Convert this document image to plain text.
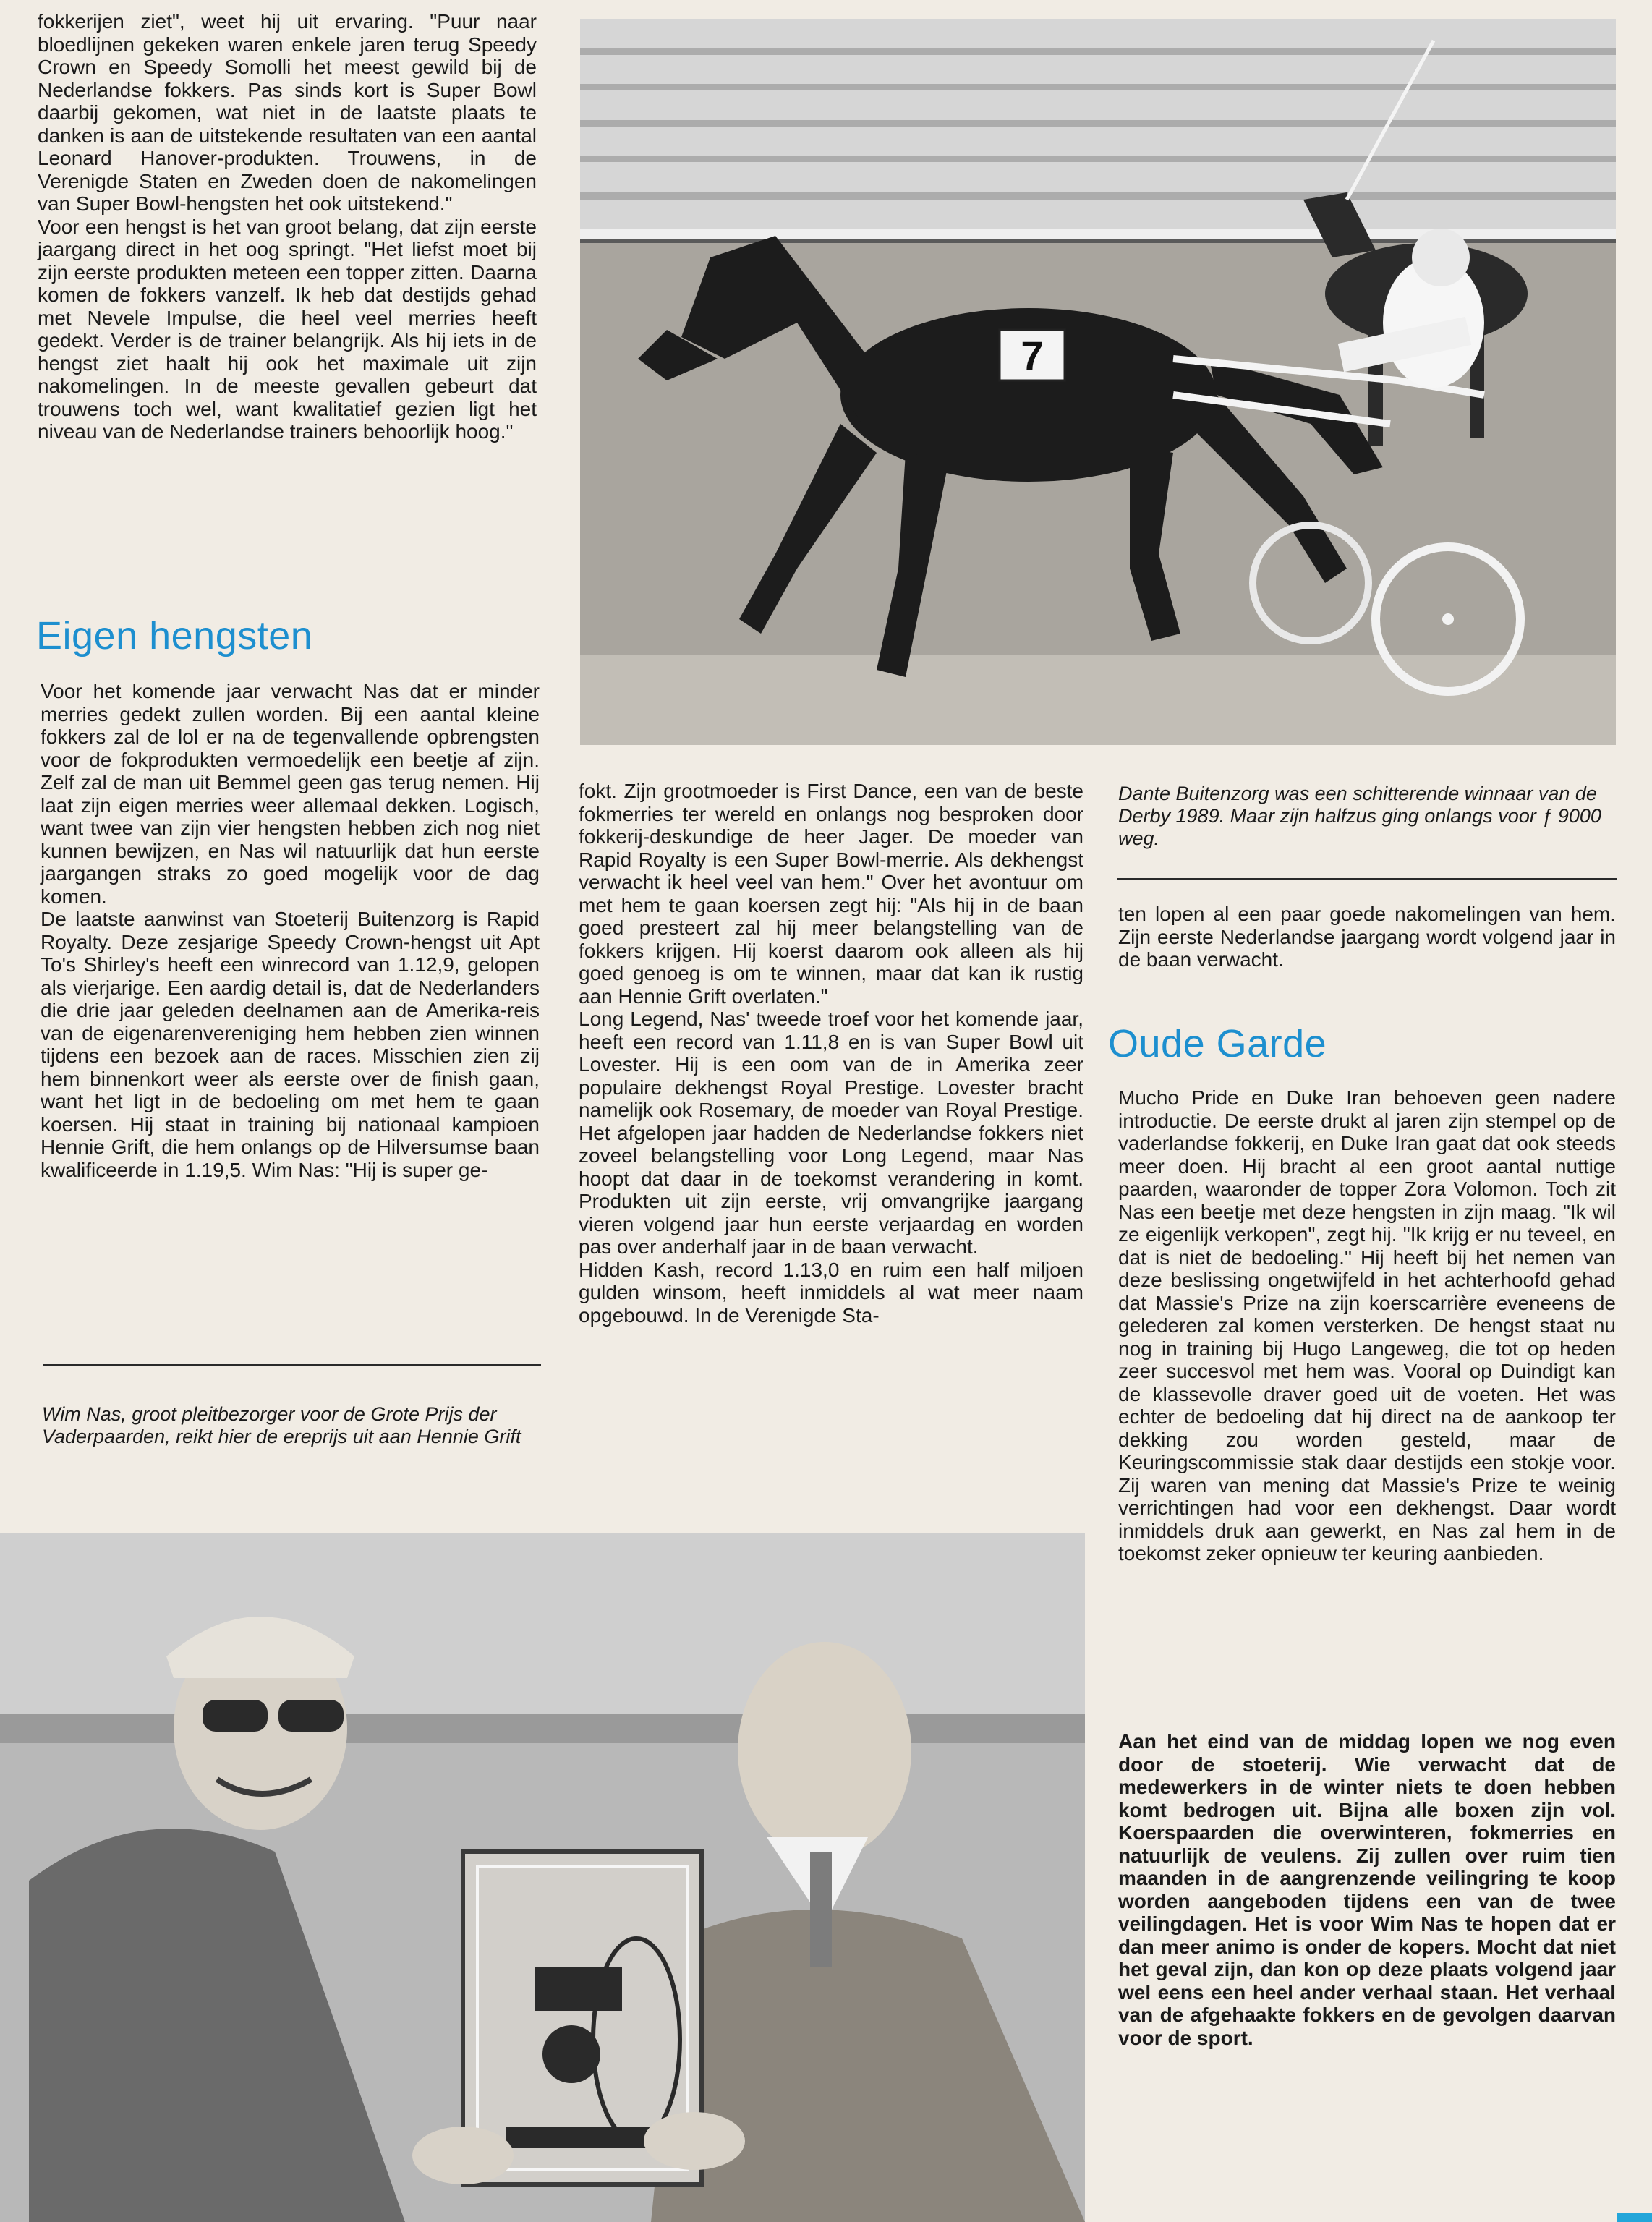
7

fokkerijen ziet", weet hij uit ervaring. "Puur naar bloedlijnen gekeken waren enkele jaren terug Speedy Crown en Speedy Somolli het meest gewild bij de Nederlandse fokkers. Pas sinds kort is Super Bowl daarbij gekomen, wat niet in de laatste plaats te danken is aan de uitstekende resultaten van een aantal Leonard Hanover-produkten. Trouwens, in de Verenigde Staten en Zweden doen de nakomelingen van Super Bowl-hengsten het ook uitstekend."

Voor een hengst is het van groot belang, dat zijn eerste jaargang direct in het oog springt. "Het liefst moet bij zijn eerste produkten meteen een topper zitten. Daarna komen de fokkers vanzelf. Ik heb dat destijds gehad met Nevele Impulse, die heel veel merries heeft gedekt. Verder is de trainer belangrijk. Als hij iets in de hengst ziet haalt hij ook het maximale uit zijn nakomelingen. In de meeste gevallen gebeurt dat trouwens toch wel, want kwalitatief gezien ligt het niveau van de Nederlandse trainers behoorlijk hoog."

Eigen hengsten

Voor het komende jaar verwacht Nas dat er minder merries gedekt zullen worden. Bij een aantal kleine fokkers zal de lol er na de tegenvallende opbrengsten voor de fokprodukten vermoedelijk een beetje af zijn. Zelf zal de man uit Bemmel geen gas terug nemen. Hij laat zijn eigen merries weer allemaal dekken. Logisch, want twee van zijn vier hengsten hebben zich nog niet kunnen bewijzen, en Nas wil natuurlijk dat hun eerste jaargangen straks zo goed mogelijk voor de dag komen.

De laatste aanwinst van Stoeterij Buitenzorg is Rapid Royalty. Deze zesjarige Speedy Crown-hengst uit Apt To's Shirley's heeft een winrecord van 1.12,9, gelopen als vierjarige. Een aardig detail is, dat de Nederlanders die drie jaar geleden deelnamen aan de Amerika-reis van de eigenarenvereniging hem hebben zien winnen tijdens een bezoek aan de races. Misschien zien zij hem binnenkort weer als eerste over de finish gaan, want het ligt in de bedoeling om met hem te gaan koersen. Hij staat in training bij nationaal kampioen Hennie Grift, die hem onlangs op de Hilversumse baan kwalificeerde in 1.19,5. Wim Nas: "Hij is super ge-

Wim Nas, groot pleitbezorger voor de Grote Prijs der Vaderpaarden, reikt hier de ereprijs uit aan Hennie Grift

fokt. Zijn grootmoeder is First Dance, een van de beste fokmerries ter wereld en onlangs nog besproken door fokkerij-deskundige de heer Jager. De moeder van Rapid Royalty is een Super Bowl-merrie. Als dekhengst verwacht ik heel veel van hem." Over het avontuur om met hem te gaan koersen zegt hij: "Als hij in de baan goed presteert zal hij meer belangstelling van de fokkers krijgen. Hij koerst daarom ook alleen als hij goed genoeg is om te winnen, maar dat kan ik rustig aan Hennie Grift overlaten."

Long Legend, Nas' tweede troef voor het komende jaar, heeft een record van 1.11,8 en is van Super Bowl uit Lovester. Hij is een oom van de in Amerika zeer populaire dekhengst Royal Prestige. Lovester bracht namelijk ook Rosemary, de moeder van Royal Prestige. Het afgelopen jaar hadden de Nederlandse fokkers niet zoveel belangstelling voor Long Legend, maar Nas hoopt dat daar in de toekomst verandering in komt. Produkten uit zijn eerste, vrij omvangrijke jaargang vieren volgend jaar hun eerste verjaardag en worden pas over anderhalf jaar in de baan verwacht.

Hidden Kash, record 1.13,0 en ruim een half miljoen gulden winsom, heeft inmiddels al wat meer naam opgebouwd. In de Verenigde Sta-

Dante Buitenzorg was een schitterende winnaar van de Derby 1989. Maar zijn halfzus ging onlangs voor ƒ 9000 weg.

ten lopen al een paar goede nakomelingen van hem. Zijn eerste Nederlandse jaargang wordt volgend jaar in de baan verwacht.

Oude Garde

Mucho Pride en Duke Iran behoeven geen nadere introductie. De eerste drukt al jaren zijn stempel op de vaderlandse fokkerij, en Duke Iran gaat dat ook steeds meer doen. Hij bracht al een groot aantal nuttige paarden, waaronder de topper Zora Volomon. Toch zit Nas een beetje met deze hengsten in zijn maag. "Ik wil ze eigenlijk verkopen", zegt hij. "Ik krijg er nu teveel, en dat is niet de bedoeling." Hij heeft bij het nemen van deze beslissing ongetwijfeld in het achterhoofd gehad dat Massie's Prize na zijn koerscarrière eveneens de gelederen zal komen versterken. De hengst staat nu nog in training bij Hugo Langeweg, die tot op heden zeer succesvol met hem was. Vooral op Duindigt kan de klassevolle draver goed uit de voeten. Het was echter de bedoeling dat hij direct na de aankoop ter dekking zou worden gesteld, maar de Keuringscommissie stak daar destijds een stokje voor. Zij waren van mening dat Massie's Prize te weinig verrichtingen had voor een dekhengst. Daar wordt inmiddels druk aan gewerkt, en Nas zal hem in de toekomst zeker opnieuw ter keuring aanbieden.

Aan het eind van de middag lopen we nog even door de stoeterij. Wie verwacht dat de medewerkers in de winter niets te doen hebben komt bedrogen uit. Bijna alle boxen zijn vol. Koerspaarden die overwinteren, fokmerries en natuurlijk de veulens. Zij zullen over ruim tien maanden in de aangrenzende veilingring te koop worden aangeboden tijdens een van de twee veilingdagen. Het is voor Wim Nas te hopen dat er dan meer animo is onder de kopers. Mocht dat niet het geval zijn, dan kon op deze plaats volgend jaar wel eens een heel ander verhaal staan. Het verhaal van de afgehaakte fokkers en de gevolgen daarvan voor de sport.
